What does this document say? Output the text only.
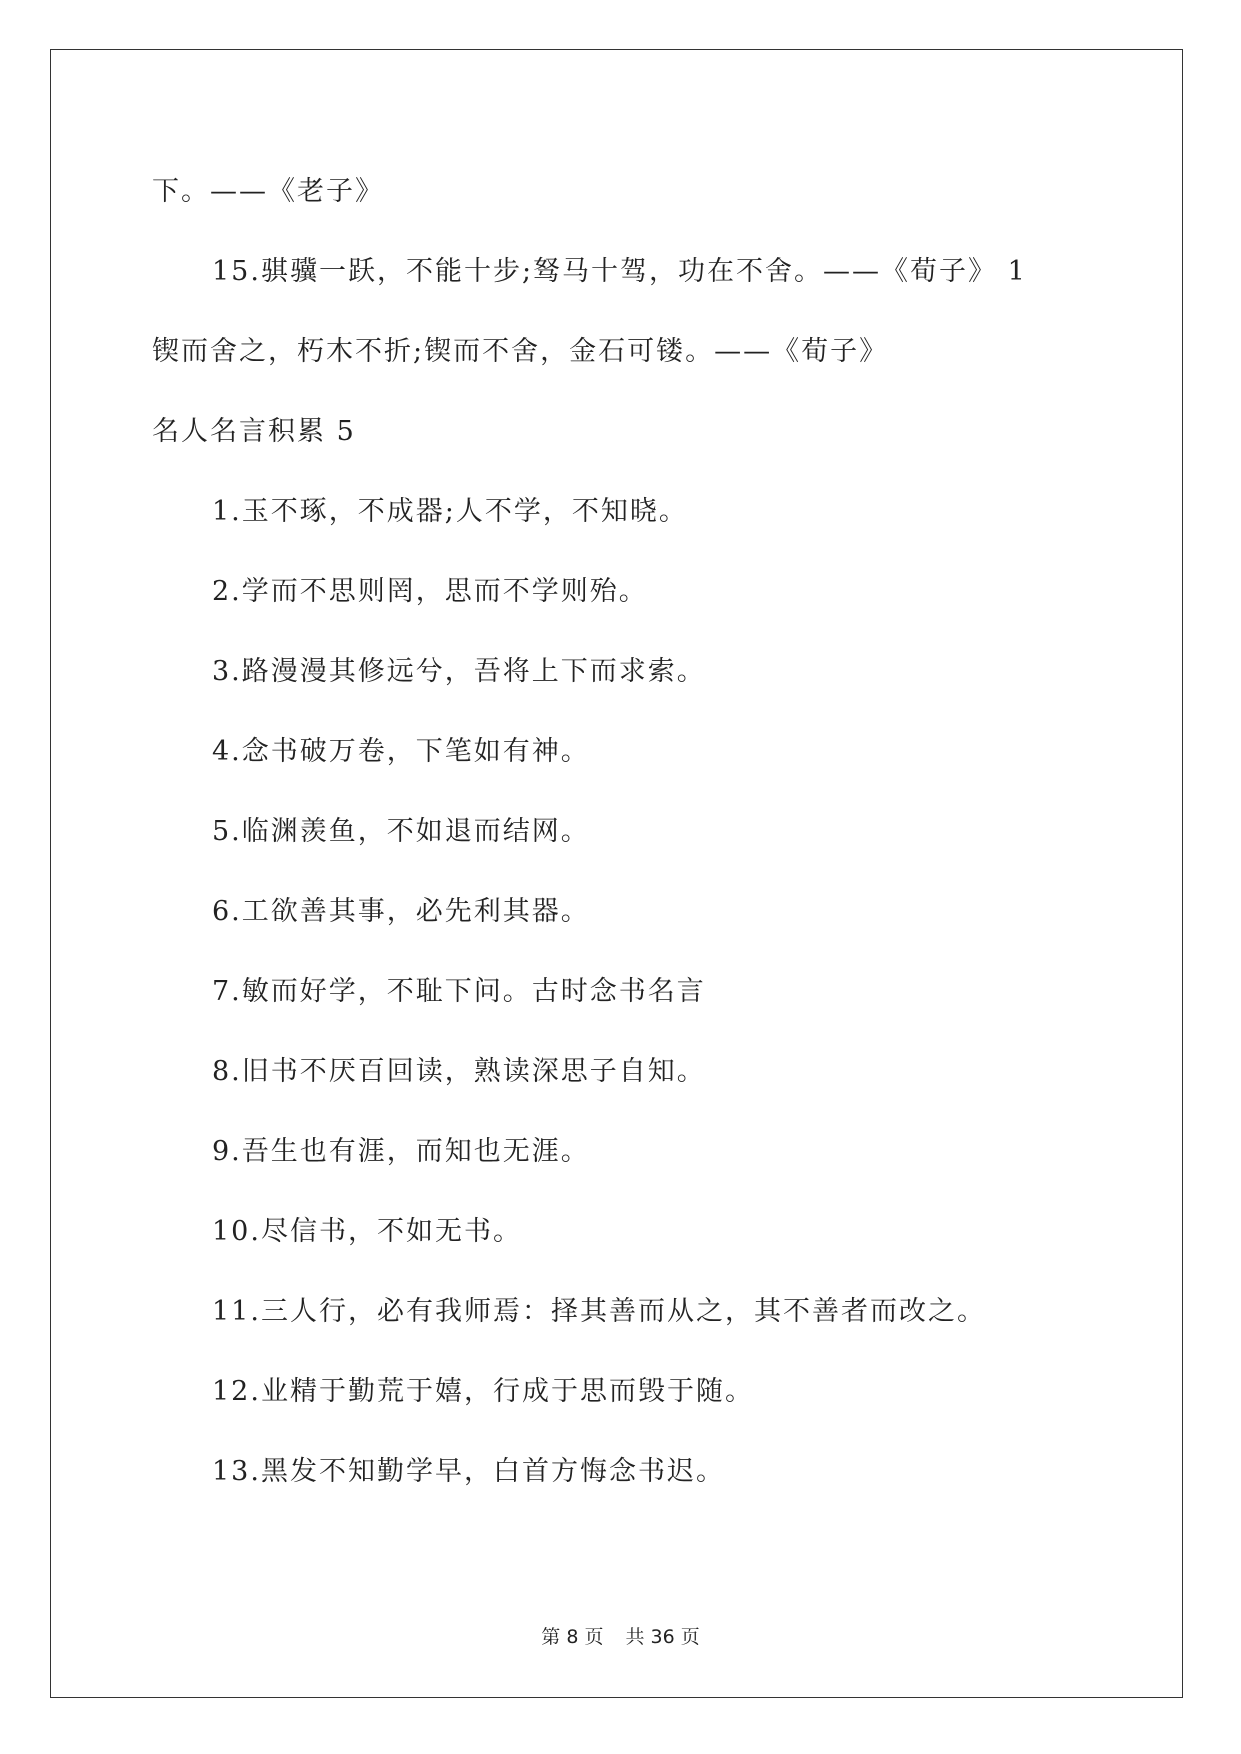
下。——《老子》
15.骐骥一跃，不能十步;驽马十驾，功在不舍。——《荀子》 1
锲而舍之，朽木不折;锲而不舍，金石可镂。——《荀子》
名人名言积累 5
1.玉不琢，不成器;人不学，不知晓。
2.学而不思则罔，思而不学则殆。
3.路漫漫其修远兮，吾将上下而求索。
4.念书破万卷，下笔如有神。
5.临渊羡鱼，不如退而结网。
6.工欲善其事，必先利其器。
7.敏而好学，不耻下问。古时念书名言
8.旧书不厌百回读，熟读深思子自知。
9.吾生也有涯，而知也无涯。
10.尽信书，不如无书。
11.三人行，必有我师焉：择其善而从之，其不善者而改之。
12.业精于勤荒于嬉，行成于思而毁于随。
13.黑发不知勤学早，白首方悔念书迟。
第 8 页 共 36 页
